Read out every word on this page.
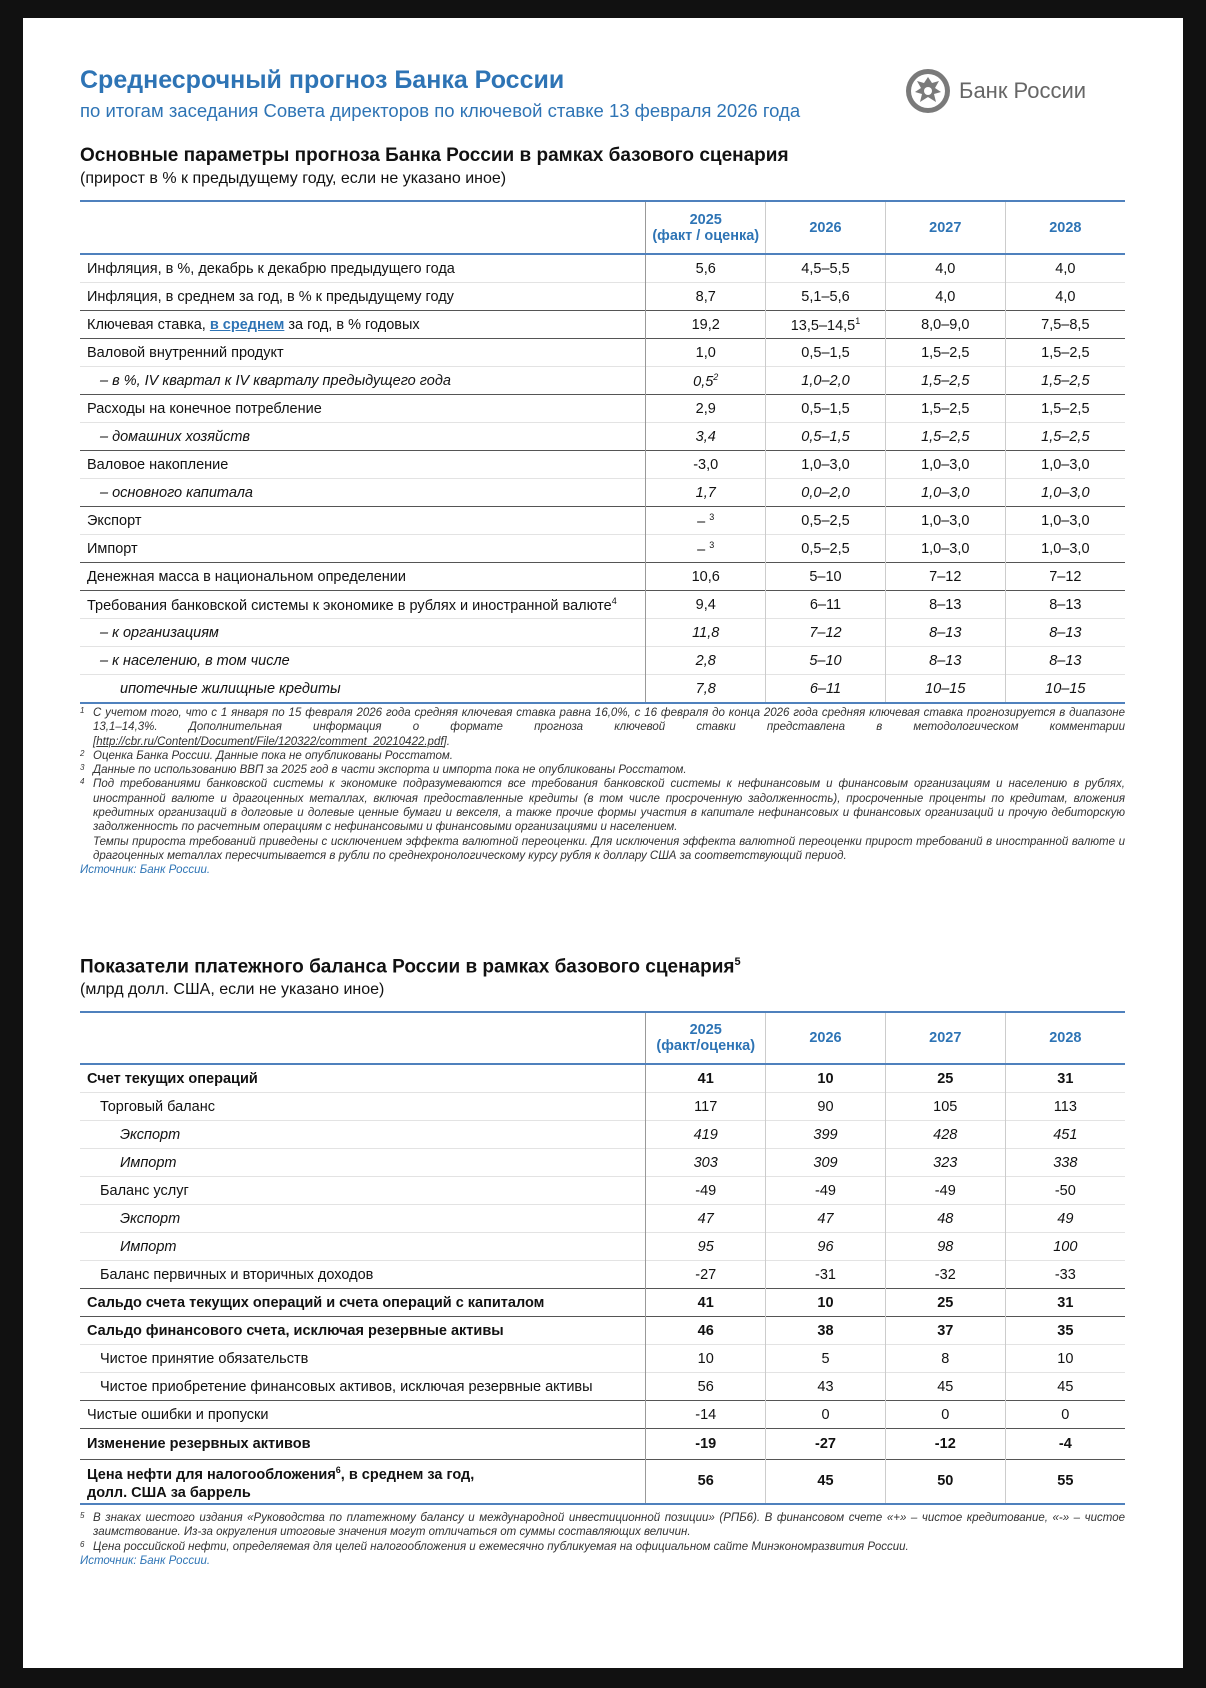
Среднесрочный прогноз Банка России
по итогам заседания Совета директоров по ключевой ставке 13 февраля 2026 года
Банк России
Основные параметры прогноза Банка России в рамках базового сценария
(прирост в % к предыдущему году, если не указано иное)
	2025
(факт / оценка)	2026	2027	2028
Инфляция, в %, декабрь к декабрю предыдущего года	5,6	4,5–5,5	4,0	4,0
Инфляция, в среднем за год, в % к предыдущему году	8,7	5,1–5,6	4,0	4,0
Ключевая ставка, в среднем за год, в % годовых	19,2	13,5–14,5$^1$	8,0–9,0	7,5–8,5
Валовой внутренний продукт	1,0	0,5–1,5	1,5–2,5	1,5–2,5
– в %, IV квартал к IV кварталу предыдущего года	$0,5^2$	1,0–2,0	1,5–2,5	1,5–2,5
Расходы на конечное потребление	2,9	0,5–1,5	1,5–2,5	1,5–2,5
– домашних хозяйств	3,4	0,5–1,5	1,5–2,5	1,5–2,5
Валовое накопление	-3,0	1,0–3,0	1,0–3,0	1,0–3,0
– основного капитала	1,7	0,0–2,0	1,0–3,0	1,0–3,0
Экспорт	– $^3$	0,5–2,5	1,0–3,0	1,0–3,0
Импорт	– $^3$	0,5–2,5	1,0–3,0	1,0–3,0
Денежная масса в национальном определении	10,6	5–10	7–12	7–12
Требования банковской системы к экономике в рублях и иностранной валюте$^4$	9,4	6–11	8–13	8–13
– к организациям	11,8	7–12	8–13	8–13
– к населению, в том числе	2,8	5–10	8–13	8–13
ипотечные жилищные кредиты	7,8	6–11	10–15	10–15
1 С учетом того, что с 1 января по 15 февраля 2026 года средняя ключевая ставка равна 16,0%, с 16 февраля до конца 2026 года средняя ключевая ставка прогнозируется в диапазоне 13,1–14,3%. Дополнительная информация о формате прогноза ключевой ставки представлена в методологическом комментарии [http://cbr.ru/Content/Document/File/120322/comment_20210422.pdf].
2 Оценка Банка России. Данные пока не опубликованы Росстатом.
3 Данные по использованию ВВП за 2025 год в части экспорта и импорта пока не опубликованы Росстатом.
4 Под требованиями банковской системы к экономике подразумеваются все требования банковской системы к нефинансовым и финансовым организациям и населению в рублях, иностранной валюте и драгоценных металлах, включая предоставленные кредиты (в том числе просроченную задолженность), просроченные проценты по кредитам, вложения кредитных организаций в долговые и долевые ценные бумаги и векселя, а также прочие формы участия в капитале нефинансовых и финансовых организаций и прочую дебиторскую задолженность по расчетным операциям с нефинансовыми и финансовыми организациями и населением.
Темпы прироста требований приведены с исключением эффекта валютной переоценки. Для исключения эффекта валютной переоценки прирост требований в иностранной валюте и драгоценных металлах пересчитывается в рубли по среднехронологическому курсу рубля к доллару США за соответствующий период.
Источник: Банк России.
Показатели платежного баланса России в рамках базового сценария$^5$
(млрд долл. США, если не указано иное)
	2025
(факт/оценка)	2026	2027	2028
Счет текущих операций	41	10	25	31
Торговый баланс	117	90	105	113
Экспорт	419	399	428	451
Импорт	303	309	323	338
Баланс услуг	-49	-49	-49	-50
Экспорт	47	47	48	49
Импорт	95	96	98	100
Баланс первичных и вторичных доходов	-27	-31	-32	-33
Сальдо счета текущих операций и счета операций с капиталом	41	10	25	31
Сальдо финансового счета, исключая резервные активы	46	38	37	35
Чистое принятие обязательств	10	5	8	10
Чистое приобретение финансовых активов, исключая резервные активы	56	43	45	45
Чистые ошибки и пропуски	-14	0	0	0
Изменение резервных активов	-19	-27	-12	-4
Цена нефти для налогообложения$^6$, в среднем за год,
долл. США за баррель	56	45	50	55
5 В знаках шестого издания «Руководства по платежному балансу и международной инвестиционной позиции» (РПБ6). В финансовом счете «+» – чистое кредитование, «-» – чистое заимствование. Из-за округления итоговые значения могут отличаться от суммы составляющих величин.
6 Цена российской нефти, определяемая для целей налогообложения и ежемесячно публикуемая на официальном сайте Минэкономразвития России.
Источник: Банк России.
